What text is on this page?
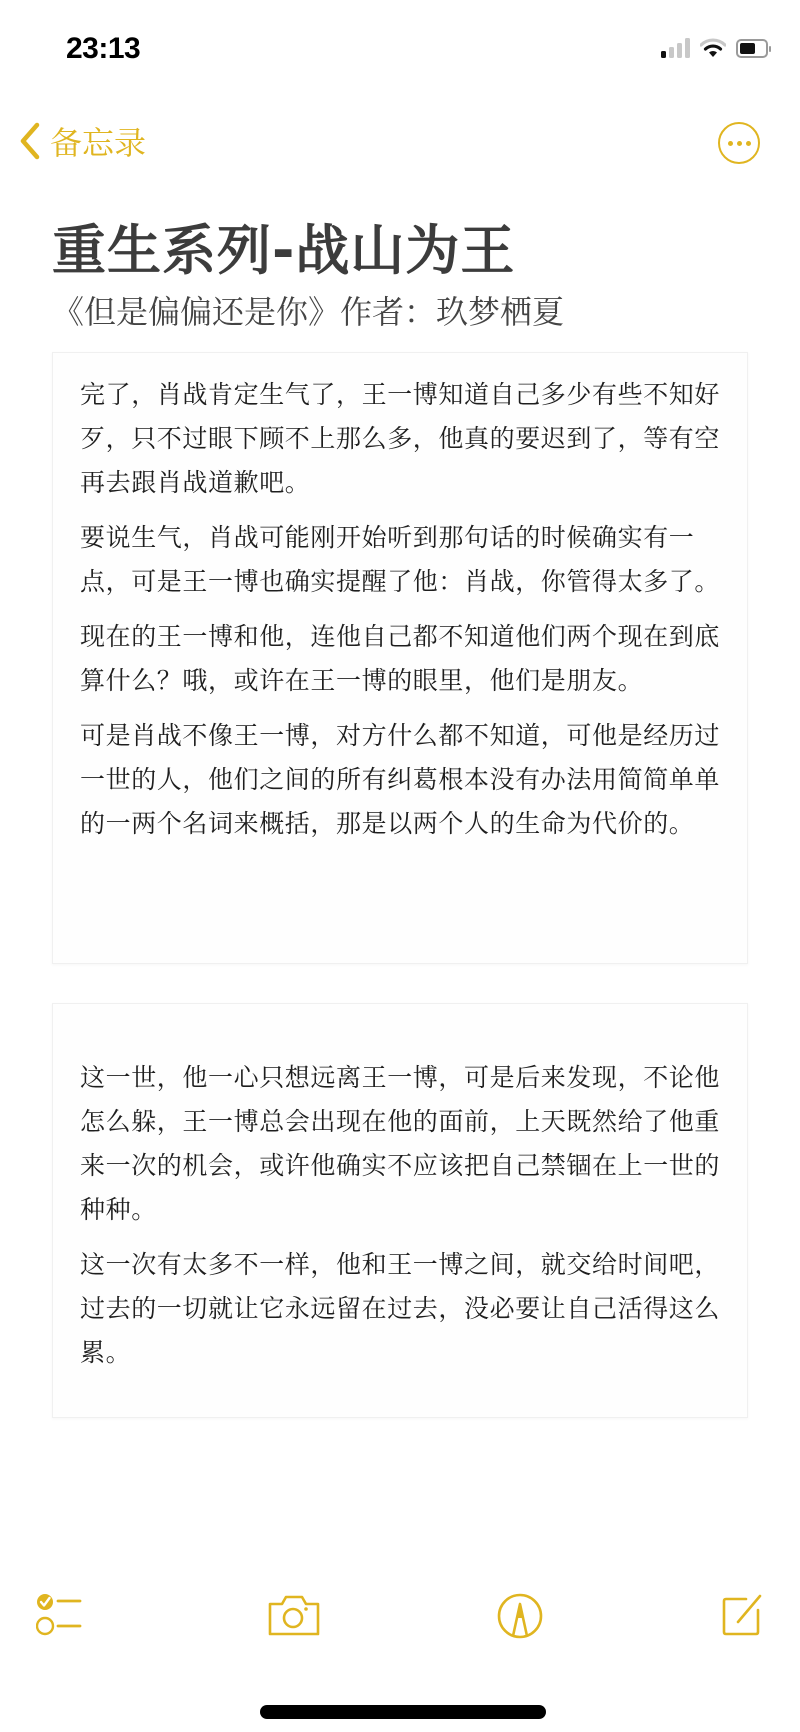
23:13
备忘录
重生系列-战山为王
《但是偏偏还是你》作者：玖梦栖夏

完了，肖战肯定生气了，王一博知道自己多少有些不知好歹，只不过眼下顾不上那么多，他真的要迟到了，等有空再去跟肖战道歉吧。

要说生气，肖战可能刚开始听到那句话的时候确实有一点，可是王一博也确实提醒了他：肖战，你管得太多了。

现在的王一博和他，连他自己都不知道他们两个现在到底算什么？哦，或许在王一博的眼里，他们是朋友。

可是肖战不像王一博，对方什么都不知道，可他是经历过一世的人，他们之间的所有纠葛根本没有办法用简简单单的一两个名词来概括，那是以两个人的生命为代价的。

这一世，他一心只想远离王一博，可是后来发现，不论他怎么躲，王一博总会出现在他的面前，上天既然给了他重来一次的机会，或许他确实不应该把自己禁锢在上一世的种种。

这一次有太多不一样，他和王一博之间，就交给时间吧，过去的一切就让它永远留在过去，没必要让自己活得这么累。
